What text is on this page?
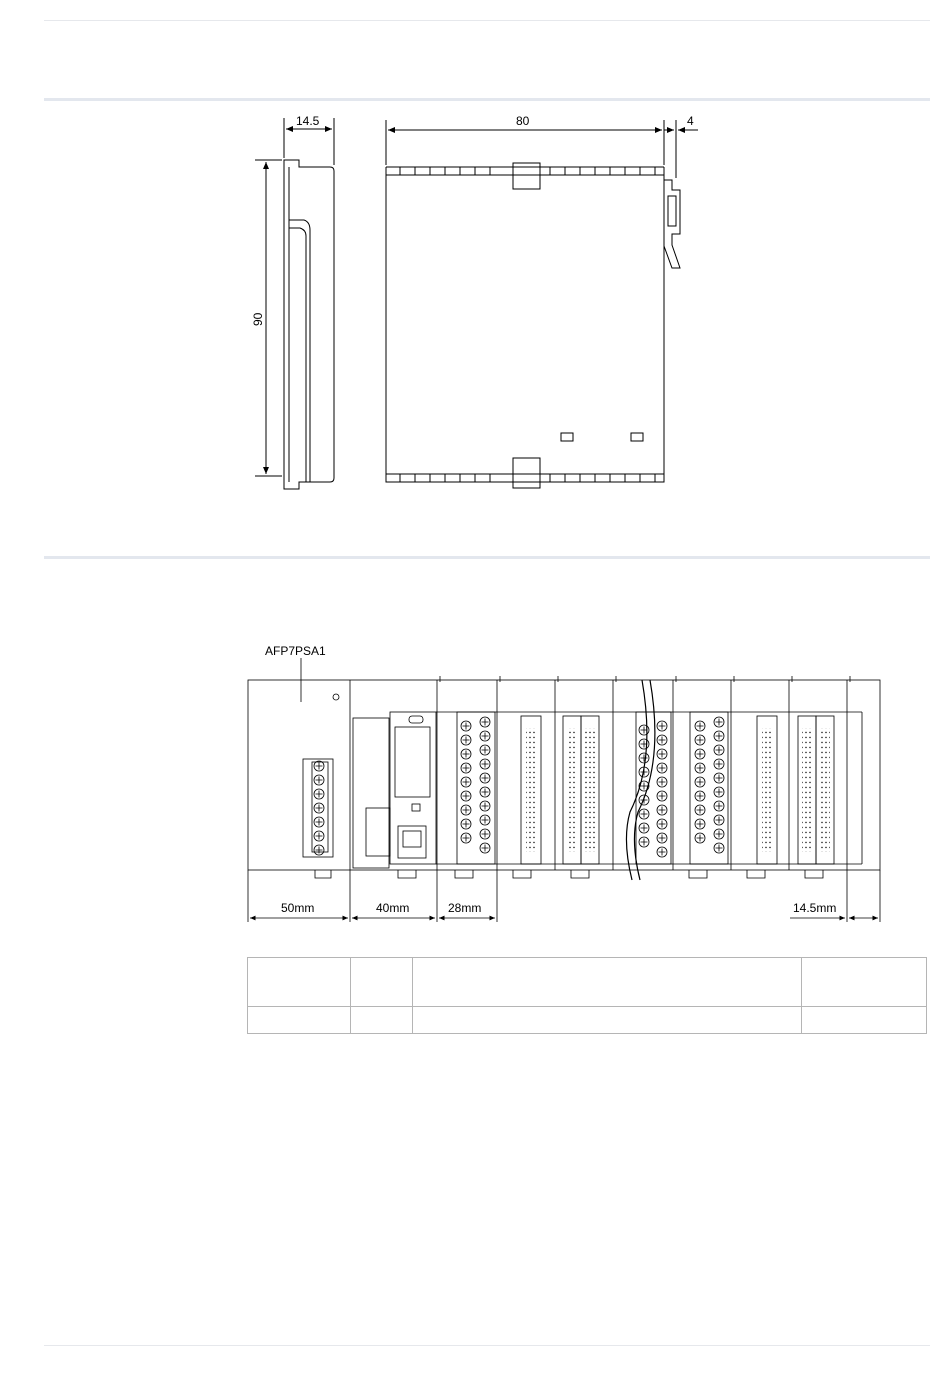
14.5	80	4
90
AFP7PSA1
50mm	40mm	28mm	14.5mm
